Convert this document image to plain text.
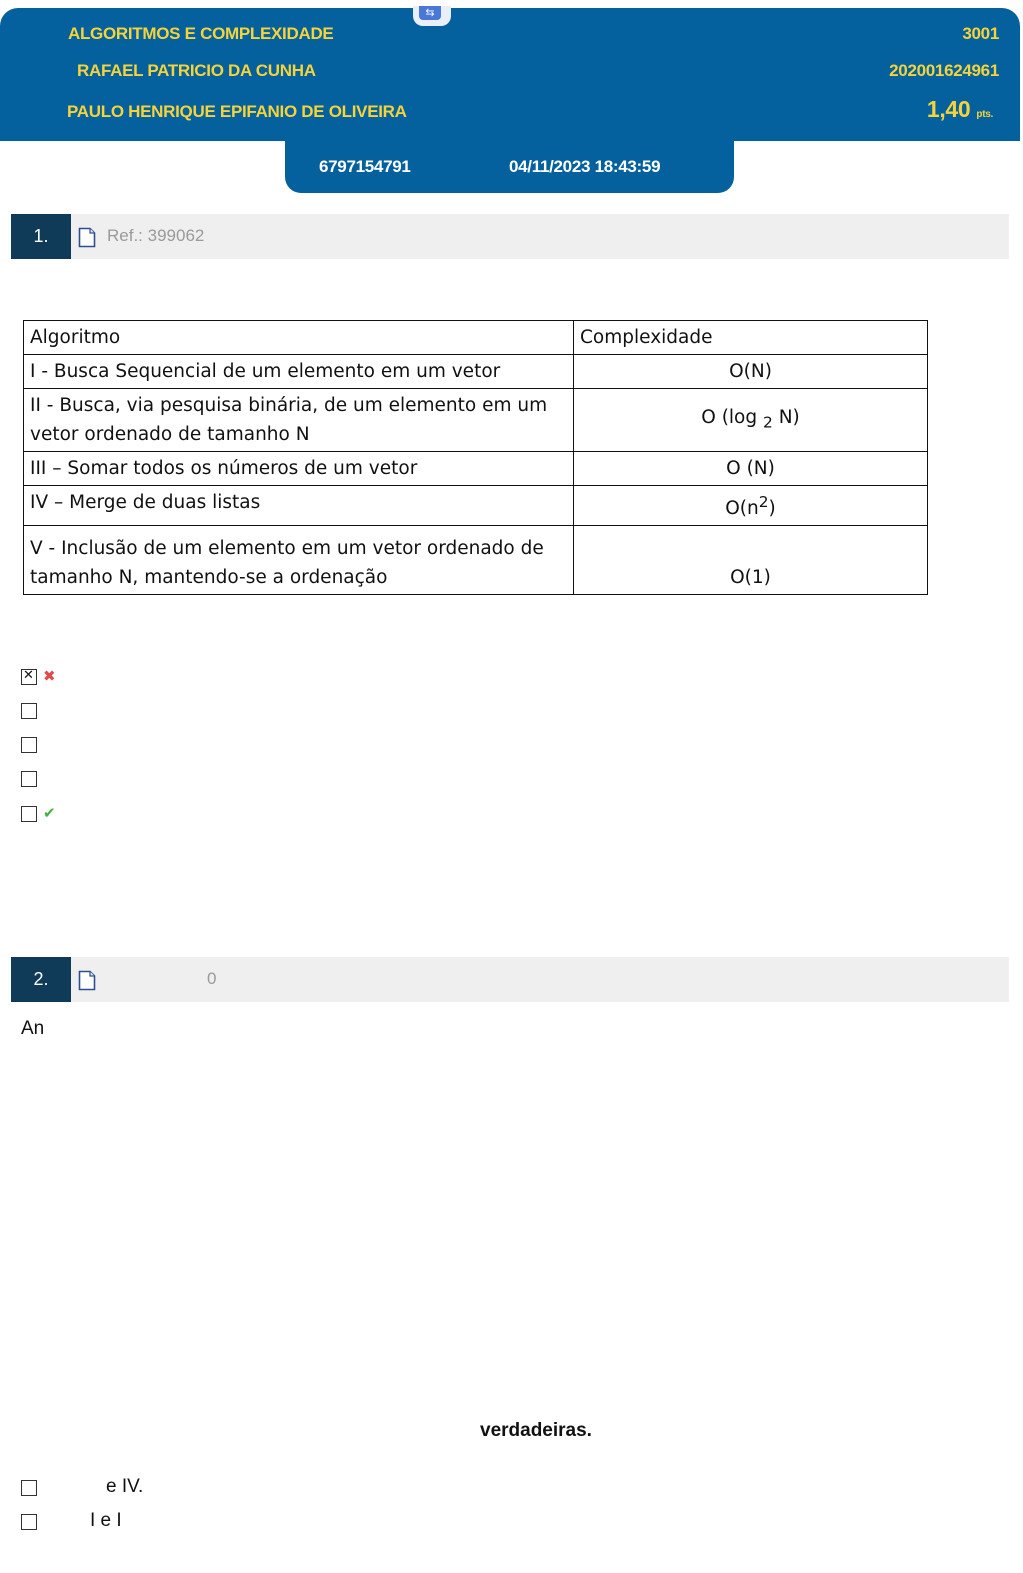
⇆
ALGORITMOS E COMPLEXIDADE	3001
RAFAEL PATRICIO DA CUNHA	202001624961
PAULO HENRIQUE EPIFANIO DE OLIVEIRA	1,40 pts.
6797154791	04/11/2023 18:43:59
1.	Ref.: 399062
Algoritmo	Complexidade
I - Busca Sequencial de um elemento em um vetor	O(N)
II - Busca, via pesquisa binária, de um elemento em um vetor ordenado de tamanho N	O (log $_2$ N)
III – Somar todos os números de um vetor	O (N)
IV – Merge de duas listas	$O(n^2)$
V - Inclusão de um elemento em um vetor ordenado de tamanho N, mantendo-se a ordenação	O(1)
✕
✖
✔
2.	0
An
verdadeiras.
e IV.
I e I
